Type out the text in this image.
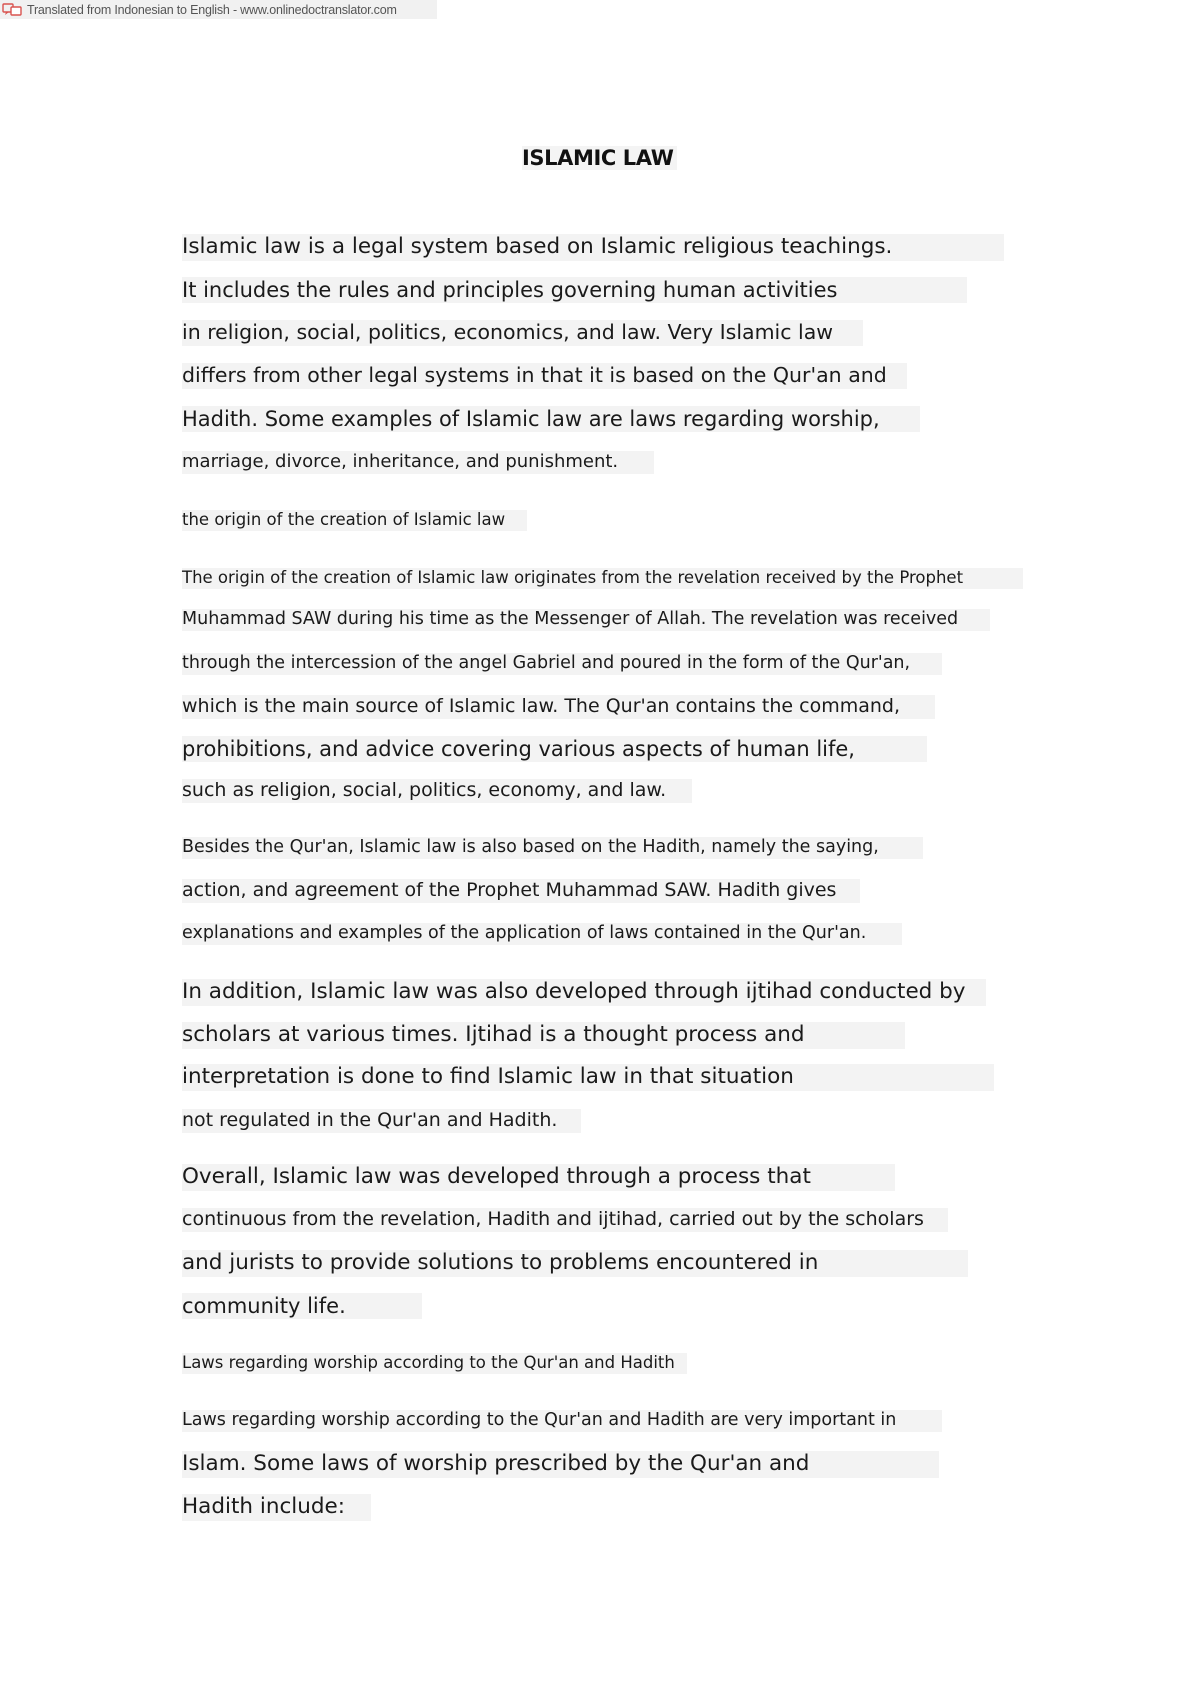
Translated from Indonesian to English - www.onlinedoctranslator.com
ISLAMIC LAW
Islamic law is a legal system based on Islamic religious teachings.
It includes the rules and principles governing human activities
in religion, social, politics, economics, and law. Very Islamic law
differs from other legal systems in that it is based on the Qur'an and
Hadith. Some examples of Islamic law are laws regarding worship,
marriage, divorce, inheritance, and punishment.
the origin of the creation of Islamic law
The origin of the creation of Islamic law originates from the revelation received by the Prophet
Muhammad SAW during his time as the Messenger of Allah. The revelation was received
through the intercession of the angel Gabriel and poured in the form of the Qur'an,
which is the main source of Islamic law. The Qur'an contains the command,
prohibitions, and advice covering various aspects of human life,
such as religion, social, politics, economy, and law.
Besides the Qur'an, Islamic law is also based on the Hadith, namely the saying,
action, and agreement of the Prophet Muhammad SAW. Hadith gives
explanations and examples of the application of laws contained in the Qur'an.
In addition, Islamic law was also developed through ijtihad conducted by
scholars at various times. Ijtihad is a thought process and
interpretation is done to find Islamic law in that situation
not regulated in the Qur'an and Hadith.
Overall, Islamic law was developed through a process that
continuous from the revelation, Hadith and ijtihad, carried out by the scholars
and jurists to provide solutions to problems encountered in
community life.
Laws regarding worship according to the Qur'an and Hadith
Laws regarding worship according to the Qur'an and Hadith are very important in
Islam. Some laws of worship prescribed by the Qur'an and
Hadith include:
